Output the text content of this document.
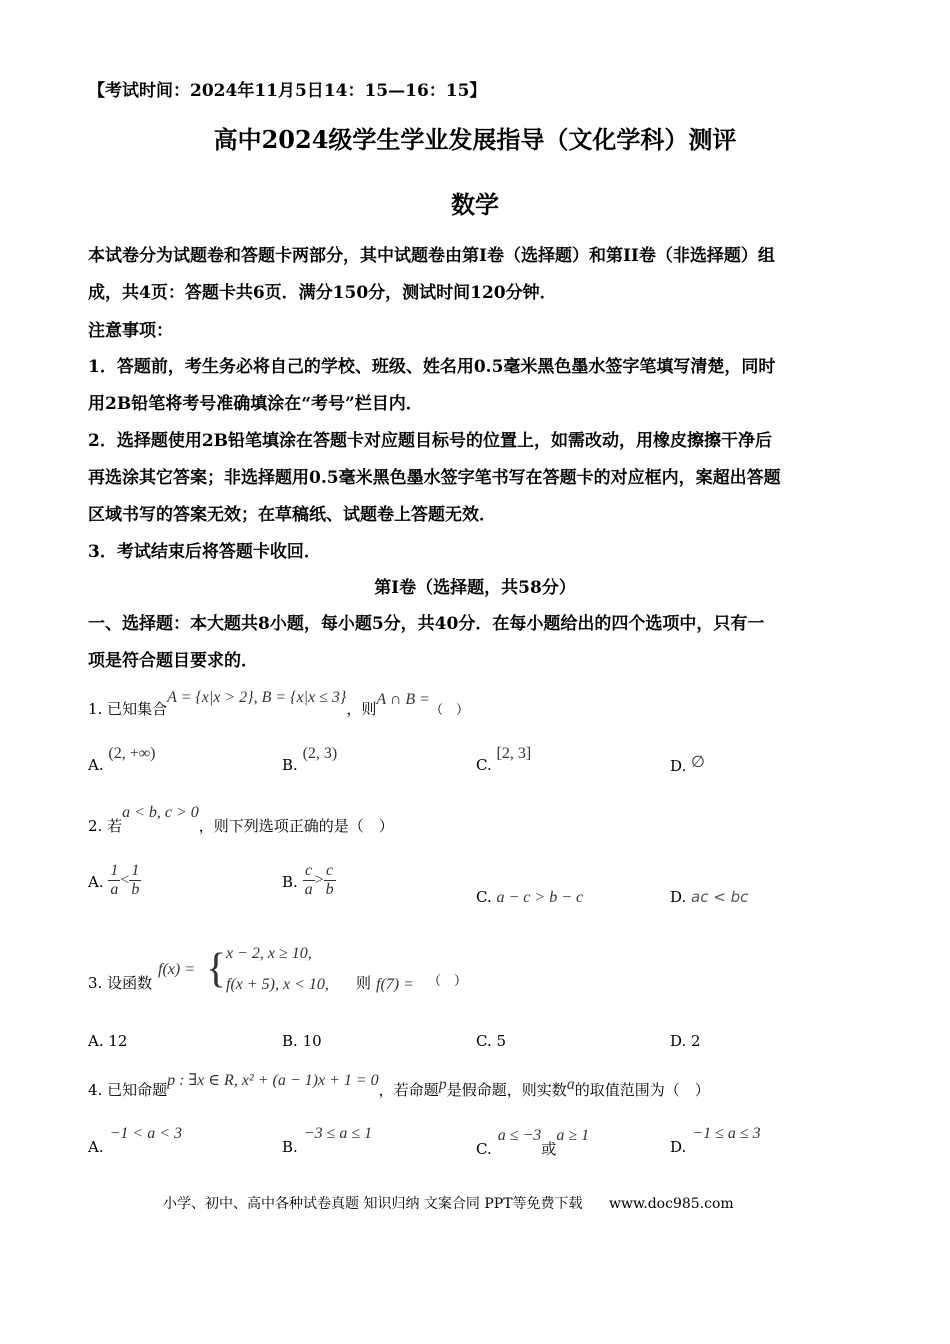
【考试时间：2024年11月5日14：15—16：15】
高中2024级学生学业发展指导（文化学科）测评
数学
本试卷分为试题卷和答题卡两部分，其中试题卷由第I卷（选择题）和第II卷（非选择题）组
成，共4页：答题卡共6页．满分150分，测试时间120分钟．
注意事项：
1．答题前，考生务必将自己的学校、班级、姓名用0.5毫米黑色墨水签字笔填写清楚，同时
用2B铅笔将考号准确填涂在“考号”栏目内．
2．选择题使用2B铅笔填涂在答题卡对应题目标号的位置上，如需改动，用橡皮擦擦干净后
再选涂其它答案；非选择题用0.5毫米黑色墨水签字笔书写在答题卡的对应框内，案超出答题
区域书写的答案无效；在草稿纸、试题卷上答题无效．
3．考试结束后将答题卡收回．
第I卷（选择题，共58分）
一、选择题：本大题共8小题，每小题5分，共40分．在每小题给出的四个选项中，只有一
项是符合题目要求的．
1. 已知集合A = {x|x > 2}, B = {x|x ≤ 3}，则A ∩ B =（　）
A. (2, +∞)
B. (2, 3)
C. [2, 3]
D. ∅
2. 若a < b, c > 0，则下列选项正确的是（　）
A. $\frac{1}{a} < \frac{1}{b}$	B. $\frac{c}{a} > \frac{c}{b}$	C. a − c > b − c	D. ac < bc
3. 设函数
f(x) = { x − 2, x ≥ 10,
f(x + 5), x < 10, 则 f(7) = （　）
A. 12	B. 10	C. 5	D. 2
4. 已知命题p : ∃x ∈ R, x² + (a − 1)x + 1 = 0，若命题p是假命题，则实数a的取值范围为（　）
A.−1 < a < 3
B.−3 ≤ a ≤ 1
C.a ≤ −3或a ≥ 1
D.−1 ≤ a ≤ 3
小学、初中、高中各种试卷真题 知识归纳 文案合同 PPT等免费下载 www.doc985.com
